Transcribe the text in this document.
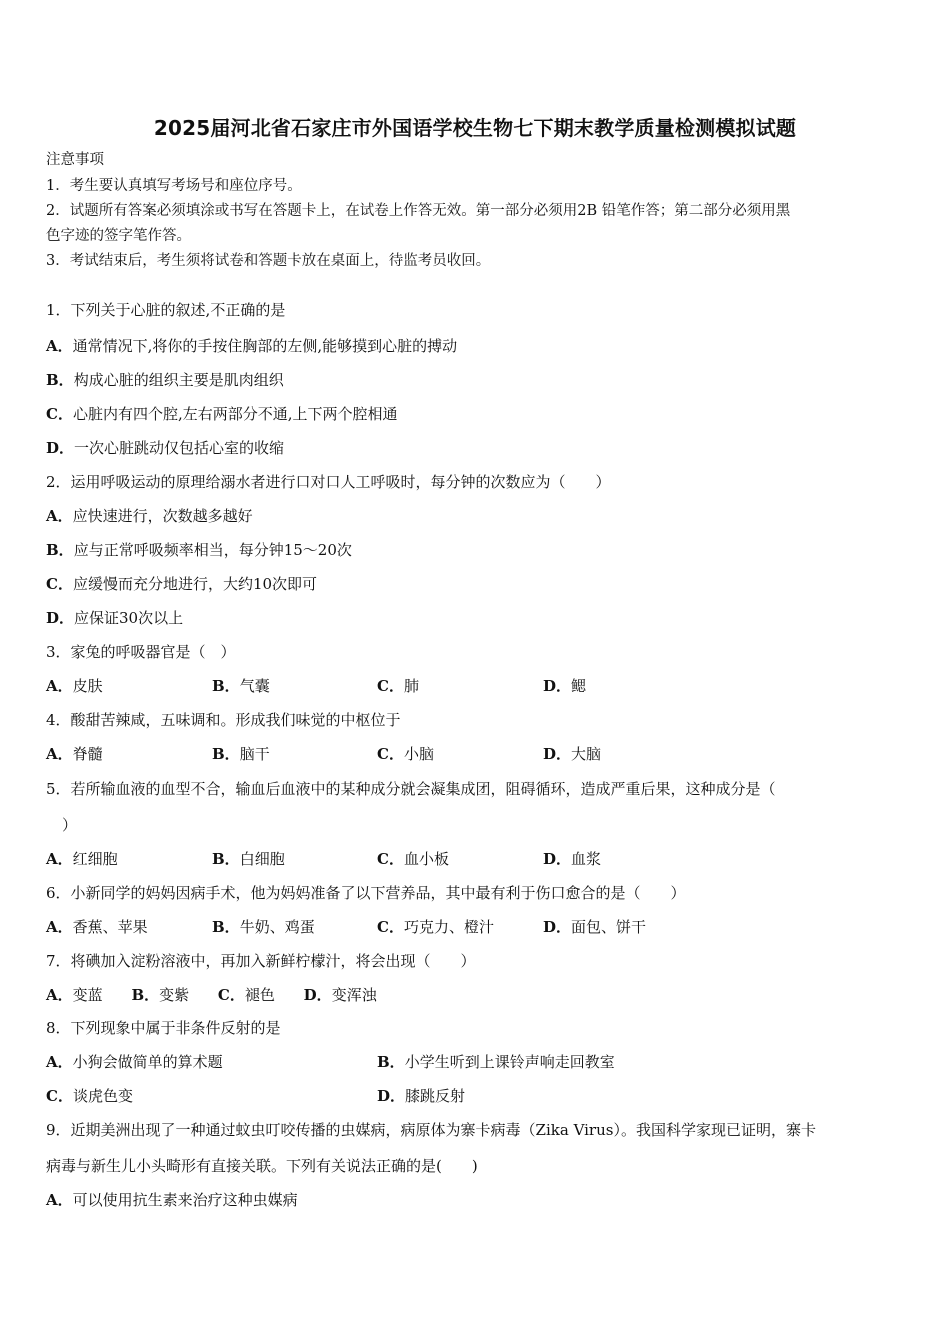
2025届河北省石家庄市外国语学校生物七下期末教学质量检测模拟试题
注意事项
1．考生要认真填写考场号和座位序号。
2．试题所有答案必须填涂或书写在答题卡上，在试卷上作答无效。第一部分必须用2B 铅笔作答；第二部分必须用黑
色字迹的签字笔作答。
3．考试结束后，考生须将试卷和答题卡放在桌面上，待监考员收回。
1．下列关于心脏的叙述,不正确的是
A．通常情况下,将你的手按住胸部的左侧,能够摸到心脏的搏动
B．构成心脏的组织主要是肌肉组织
C．心脏内有四个腔,左右两部分不通,上下两个腔相通
D．一次心脏跳动仅包括心室的收缩
2．运用呼吸运动的原理给溺水者进行口对口人工呼吸时，每分钟的次数应为（　　）
A．应快速进行，次数越多越好
B．应与正常呼吸频率相当，每分钟15～20次
C．应缓慢而充分地进行，大约10次即可
D．应保证30次以上
3．家兔的呼吸器官是（　）
A．皮肤	B．气囊	C．肺	D．鳃
4．酸甜苦辣咸，五味调和。形成我们味觉的中枢位于
A．脊髓	B．脑干	C．小脑	D．大脑
5．若所输血液的血型不合，输血后血液中的某种成分就会凝集成团，阻碍循环，造成严重后果，这种成分是（
）
A．红细胞	B．白细胞	C．血小板	D．血浆
6．小新同学的妈妈因病手术，他为妈妈准备了以下营养品，其中最有利于伤口愈合的是（　　）
A．香蕉、苹果	B．牛奶、鸡蛋	C．巧克力、橙汁	D．面包、饼干
7．将碘加入淀粉溶液中，再加入新鲜柠檬汁，将会出现（　　）
A．变蓝 B．变紫 C．褪色 D．变浑浊
8．下列现象中属于非条件反射的是
A．小狗会做简单的算术题	B．小学生听到上课铃声响走回教室
C．谈虎色变	D．膝跳反射
9．近期美洲出现了一种通过蚊虫叮咬传播的虫媒病，病原体为寨卡病毒（Zika Virus）。我国科学家现已证明，寨卡
病毒与新生儿小头畸形有直接关联。下列有关说法正确的是(　　)
A．可以使用抗生素来治疗这种虫媒病
